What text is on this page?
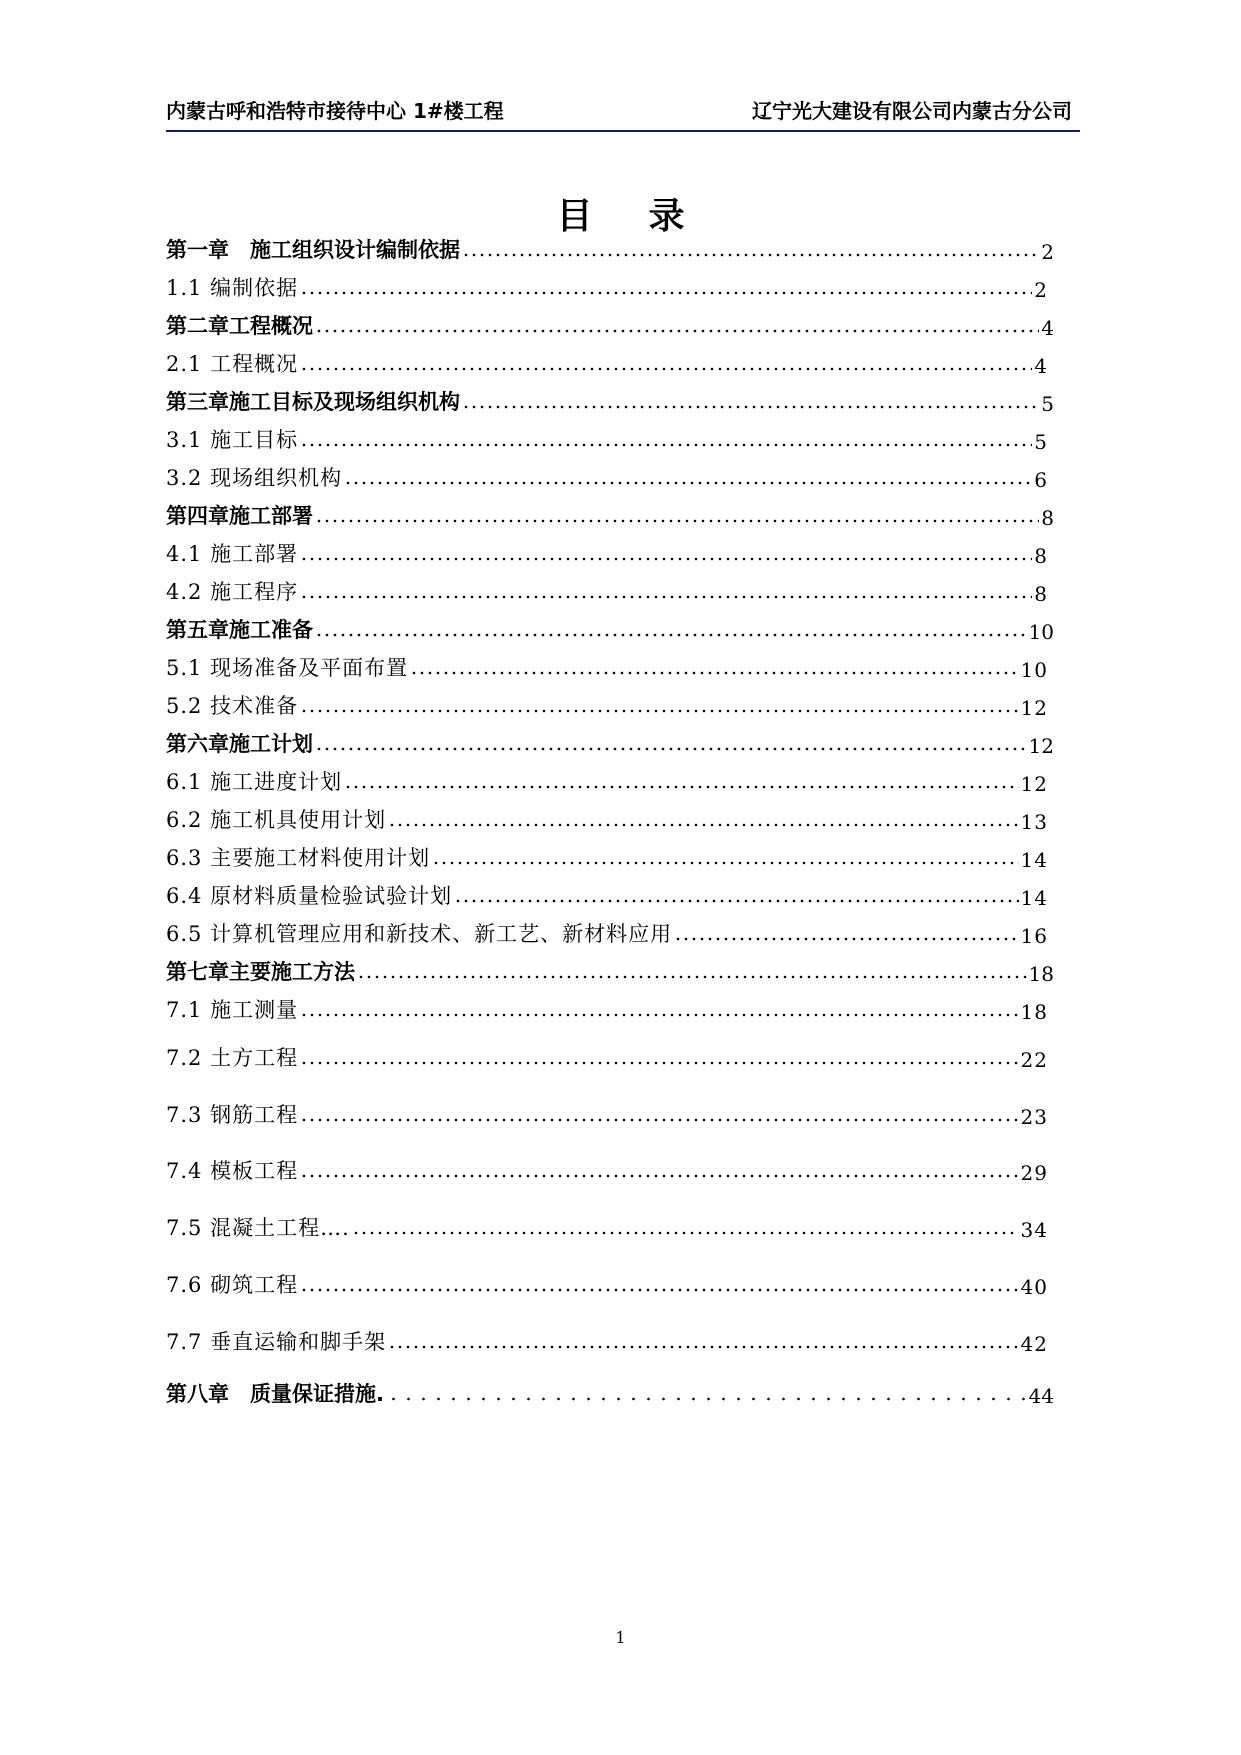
内蒙古呼和浩特市接待中心 1#楼工程	辽宁光大建设有限公司内蒙古分公司
目录
第一章　施工组织设计编制依据	2
1.1 编制依据	2
第二章工程概况	4
2.1 工程概况	4
第三章施工目标及现场组织机构	5
3.1 施工目标	5
3.2 现场组织机构	6
第四章施工部署	8
4.1 施工部署	8
4.2 施工程序	8
第五章施工准备	10
5.1 现场准备及平面布置	10
5.2 技术准备	12
第六章施工计划	12
6.1 施工进度计划	12
6.2 施工机具使用计划	13
6.3 主要施工材料使用计划	14
6.4 原材料质量检验试验计划	14
6.5 计算机管理应用和新技术、新工艺、新材料应用	16
第七章主要施工方法	18
7.1 施工测量	18
7.2 土方工程	22
7.3 钢筋工程	23
7.4 模板工程	29
7.5 混凝土工程….	34
7.6 砌筑工程	40
7.7 垂直运输和脚手架	42
第八章　质量保证措施.	44
1
